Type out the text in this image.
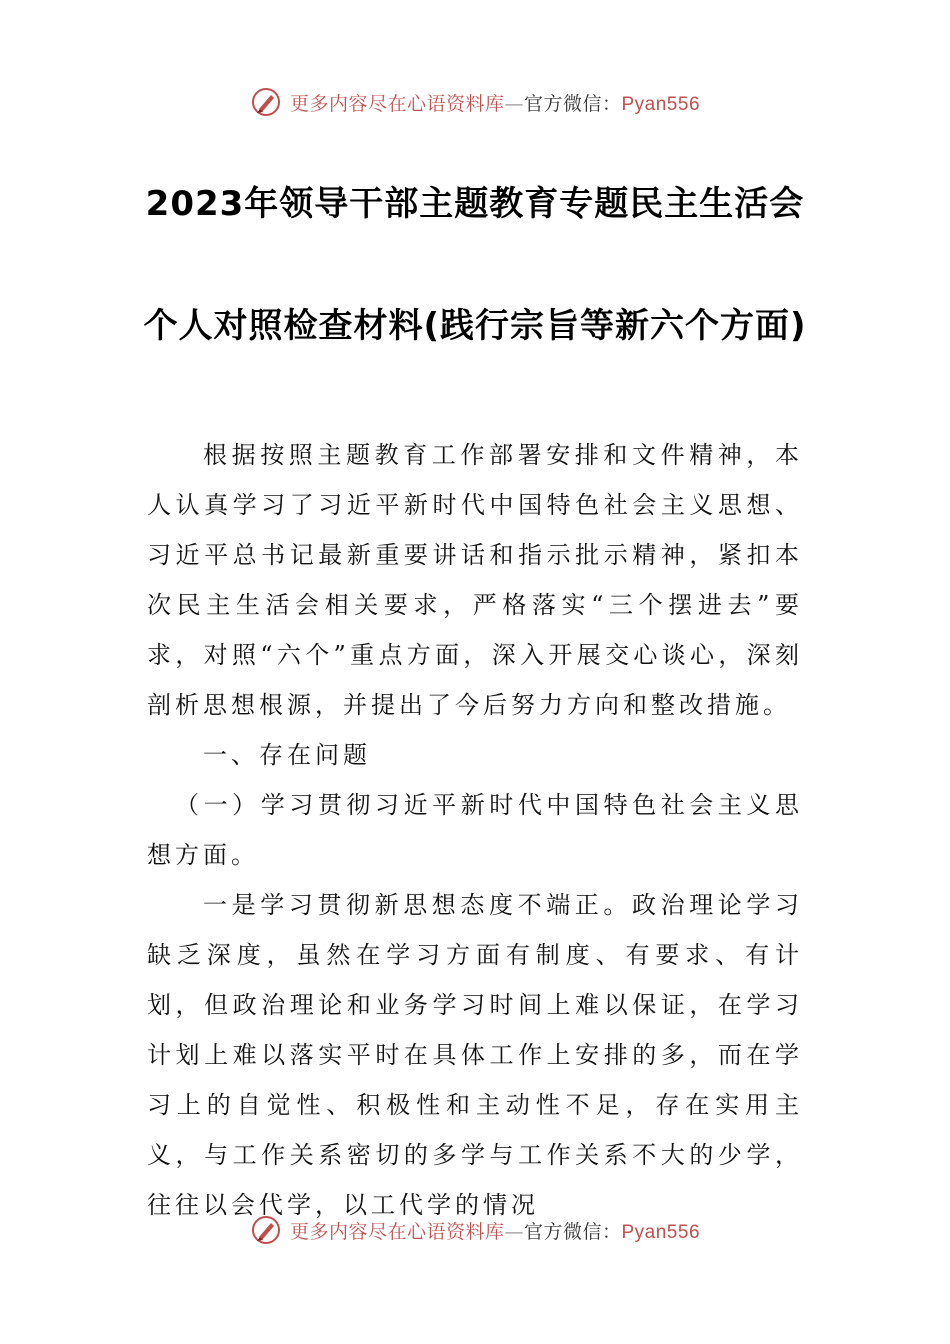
更多内容尽在心语资料库—官方微信：Pyan556
2023年领导干部主题教育专题民主生活会
个人对照检查材料(践行宗旨等新六个方面)
根据按照主题教育工作部署安排和文件精神，本人认真学习了习近平新时代中国特色社会主义思想、习近平总书记最新重要讲话和指示批示精神，紧扣本次民主生活会相关要求，严格落实“三个摆进去”要求，对照“六个”重点方面，深入开展交心谈心，深刻剖析思想根源，并提出了今后努力方向和整改措施。
一、存在问题
（一）学习贯彻习近平新时代中国特色社会主义思想方面。
一是学习贯彻新思想态度不端正。政治理论学习缺乏深度，虽然在学习方面有制度、有要求、有计划，但政治理论和业务学习时间上难以保证，在学习计划上难以落实平时在具体工作上安排的多，而在学习上的自觉性、积极性和主动性不足，存在实用主义，与工作关系密切的多学与工作关系不大的少学，往往以会代学，以工代学的情况
更多内容尽在心语资料库—官方微信：Pyan556
